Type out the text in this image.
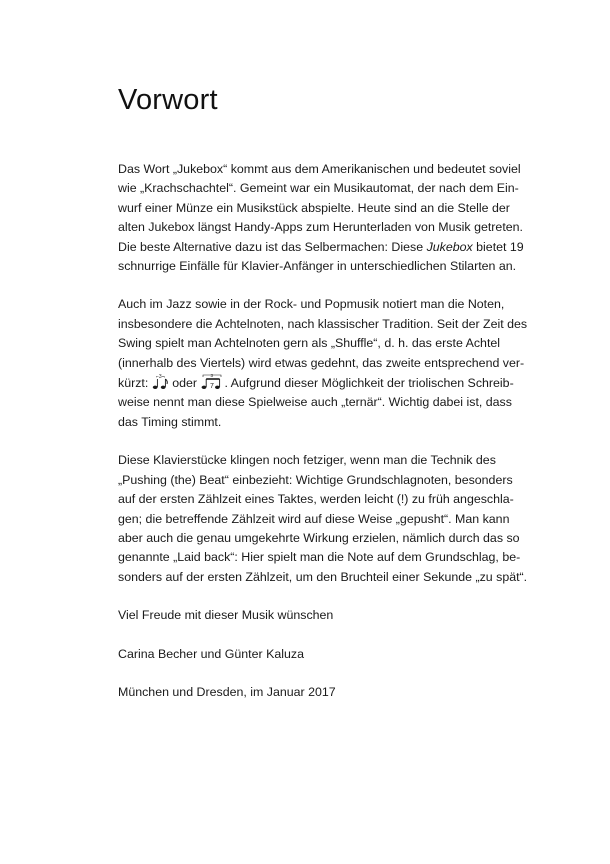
Vorwort
Das Wort „Jukebox“ kommt aus dem Amerikanischen und bedeutet soviel
wie „Krachschachtel“. Gemeint war ein Musikautomat, der nach dem Ein-
wurf einer Münze ein Musikstück abspielte. Heute sind an die Stelle der
alten Jukebox längst Handy-Apps zum Herunterladen von Musik getreten.
Die beste Alternative dazu ist das Selbermachen: Diese Jukebox bietet 19
schnurrige Einfälle für Klavier-Anfänger in unterschiedlichen Stilarten an.
Auch im Jazz sowie in der Rock- und Popmusik notiert man die Noten,
insbesondere die Achtelnoten, nach klassischer Tradition. Seit der Zeit des
Swing spielt man Achtelnoten gern als „Shuffle“, d. h. das erste Achtel
(innerhalb des Viertels) wird etwas gedehnt, das zweite entsprechend ver-
kürzt: ⌐3¬ oder
3
7 . Aufgrund dieser Möglichkeit der triolischen Schreib-
weise nennt man diese Spielweise auch „ternär“. Wichtig dabei ist, dass
das Timing stimmt.
Diese Klavierstücke klingen noch fetziger, wenn man die Technik des
„Pushing (the) Beat“ einbezieht: Wichtige Grundschlagnoten, besonders
auf der ersten Zählzeit eines Taktes, werden leicht (!) zu früh angeschla-
gen; die betreffende Zählzeit wird auf diese Weise „gepusht“. Man kann
aber auch die genau umgekehrte Wirkung erzielen, nämlich durch das so
genannte „Laid back“: Hier spielt man die Note auf dem Grundschlag, be-
sonders auf der ersten Zählzeit, um den Bruchteil einer Sekunde „zu spät“.
Viel Freude mit dieser Musik wünschen
Carina Becher und Günter Kaluza
München und Dresden, im Januar 2017
